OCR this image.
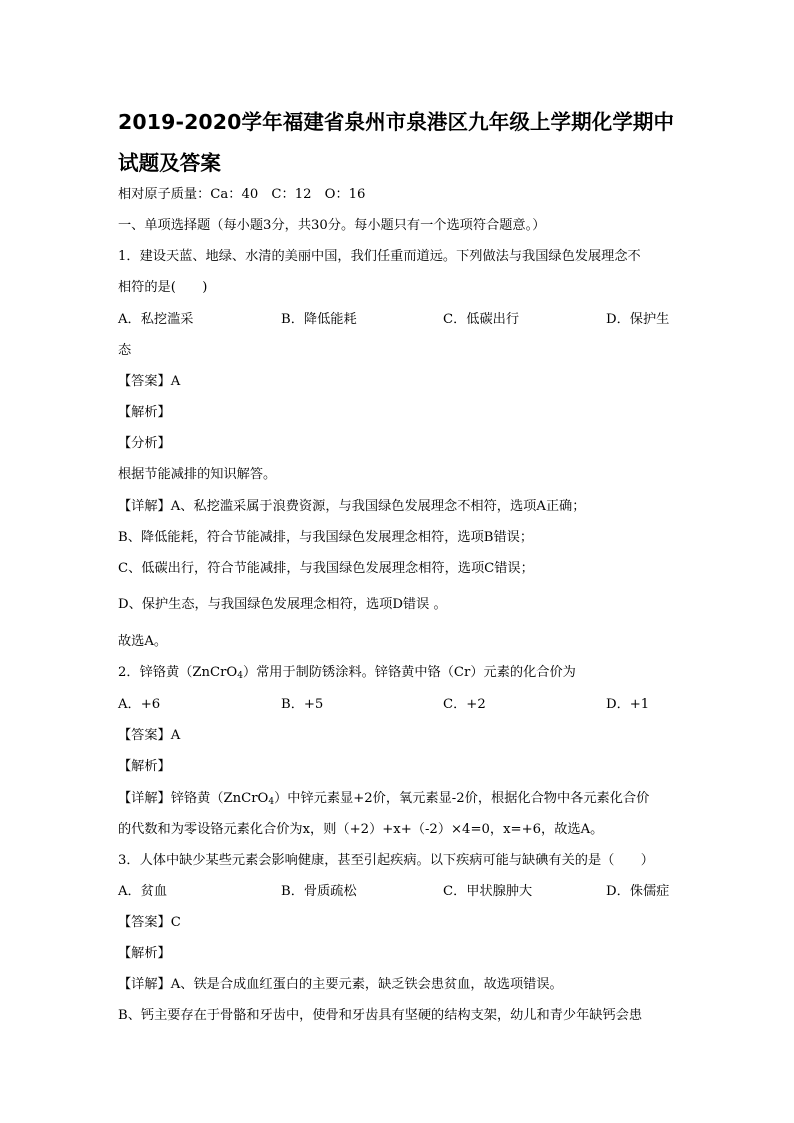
2019-2020学年福建省泉州市泉港区九年级上学期化学期中
试题及答案
相对原子质量：Ca：40　C：12　O：16
一、单项选择题（每小题3分，共30分。每小题只有一个选项符合题意。）
1．建设天蓝、地绿、水清的美丽中国，我们任重而道远。下列做法与我国绿色发展理念不
相符的是(　　)
A．私挖滥采	B．降低能耗	C．低碳出行	D．保护生
态
【答案】A
【解析】
【分析】
根据节能减排的知识解答。
【详解】A、私挖滥采属于浪费资源，与我国绿色发展理念不相符，选项A正确；
B、降低能耗，符合节能减排，与我国绿色发展理念相符，选项B错误；
C、低碳出行，符合节能减排，与我国绿色发展理念相符，选项C错误；
D、保护生态，与我国绿色发展理念相符，选项D错误 。
故选A。
2．锌铬黄（ZnCrO$_4$）常用于制防锈涂料。锌铬黄中铬（Cr）元素的化合价为
A．+6	B．+5	C．+2	D．+1
【答案】A
【解析】
【详解】锌铬黄（ZnCrO$_4$）中锌元素显+2价，氧元素显-2价，根据化合物中各元素化合价
的代数和为零设铬元素化合价为x，则（+2）+x+（-2）×4=0，x=+6，故选A。
3．人体中缺少某些元素会影响健康，甚至引起疾病。以下疾病可能与缺碘有关的是（　　）
A．贫血	B．骨质疏松	C．甲状腺肿大	D．侏儒症
【答案】C
【解析】
【详解】A、铁是合成血红蛋白的主要元素，缺乏铁会患贫血，故选项错误。
B、钙主要存在于骨骼和牙齿中，使骨和牙齿具有坚硬的结构支架，幼儿和青少年缺钙会患
